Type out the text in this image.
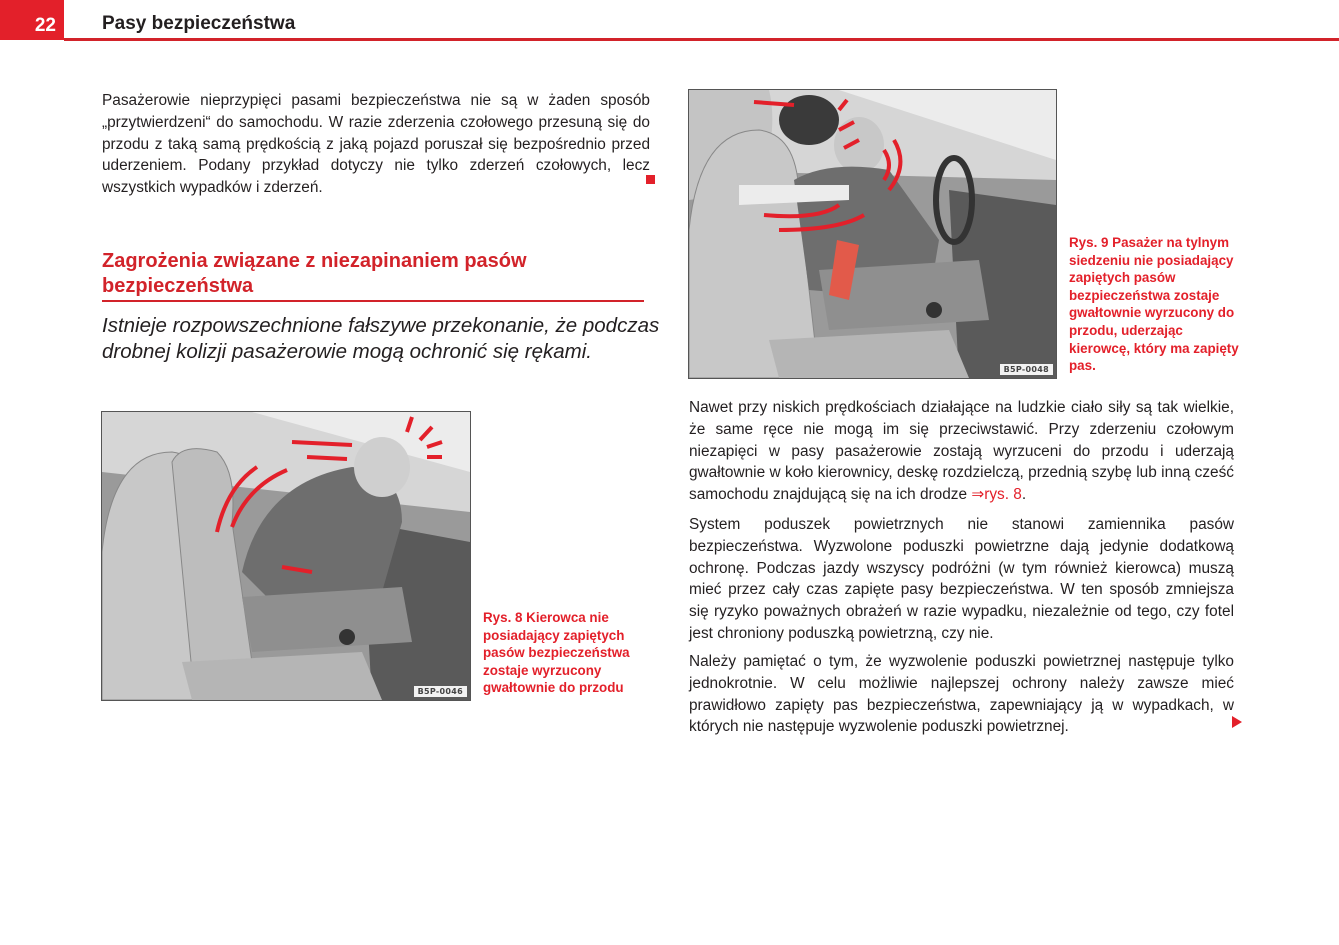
22	Pasy bezpieczeństwa

Pasażerowie nieprzypięci pasami bezpieczeństwa nie są w żaden sposób „przytwierdzeni“ do samochodu. W razie zderzenia czołowego przesuną się do przodu z taką samą prędkością z jaką pojazd poruszał się bezpośrednio przed uderzeniem. Podany przykład dotyczy nie tylko zderzeń czołowych, lecz wszystkich wypadków i zderzeń.

Zagrożenia związane z niezapinaniem pasów bezpieczeństwa

Istnieje rozpowszechnione fałszywe przekonanie, że podczas drobnej kolizji pasażerowie mogą ochronić się rękami.

B5P-0046

Rys. 8 Kierowca nie posiadający zapiętych pasów bezpieczeństwa zostaje wyrzucony gwałtownie do przodu

B5P-0048

Rys. 9 Pasażer na tylnym siedzeniu nie posiadający zapiętych pasów bezpieczeństwa zostaje gwałtownie wyrzucony do przodu, uderzając kierowcę, który ma zapięty pas.

Nawet przy niskich prędkościach działające na ludzkie ciało siły są tak wielkie, że same ręce nie mogą im się przeciwstawić. Przy zderzeniu czołowym niezapięci w pasy pasażerowie zostają wyrzuceni do przodu i uderzają gwałtownie w koło kierownicy, deskę rozdzielczą, przednią szybę lub inną cześć samochodu znajdującą się na ich drodze ⇒rys. 8.

System poduszek powietrznych nie stanowi zamiennika pasów bezpieczeństwa. Wyzwolone poduszki powietrzne dają jedynie dodatkową ochronę. Podczas jazdy wszyscy podróżni (w tym również kierowca) muszą mieć przez cały czas zapięte pasy bezpieczeństwa. W ten sposób zmniejsza się ryzyko poważnych obrażeń w razie wypadku, niezależnie od tego, czy fotel jest chroniony poduszką powietrzną, czy nie.

Należy pamiętać o tym, że wyzwolenie poduszki powietrznej następuje tylko jednokrotnie. W celu możliwie najlepszej ochrony należy zawsze mieć prawidłowo zapięty pas bezpieczeństwa, zapewniający ją w wypadkach, w których nie następuje wyzwolenie poduszki powietrznej.
